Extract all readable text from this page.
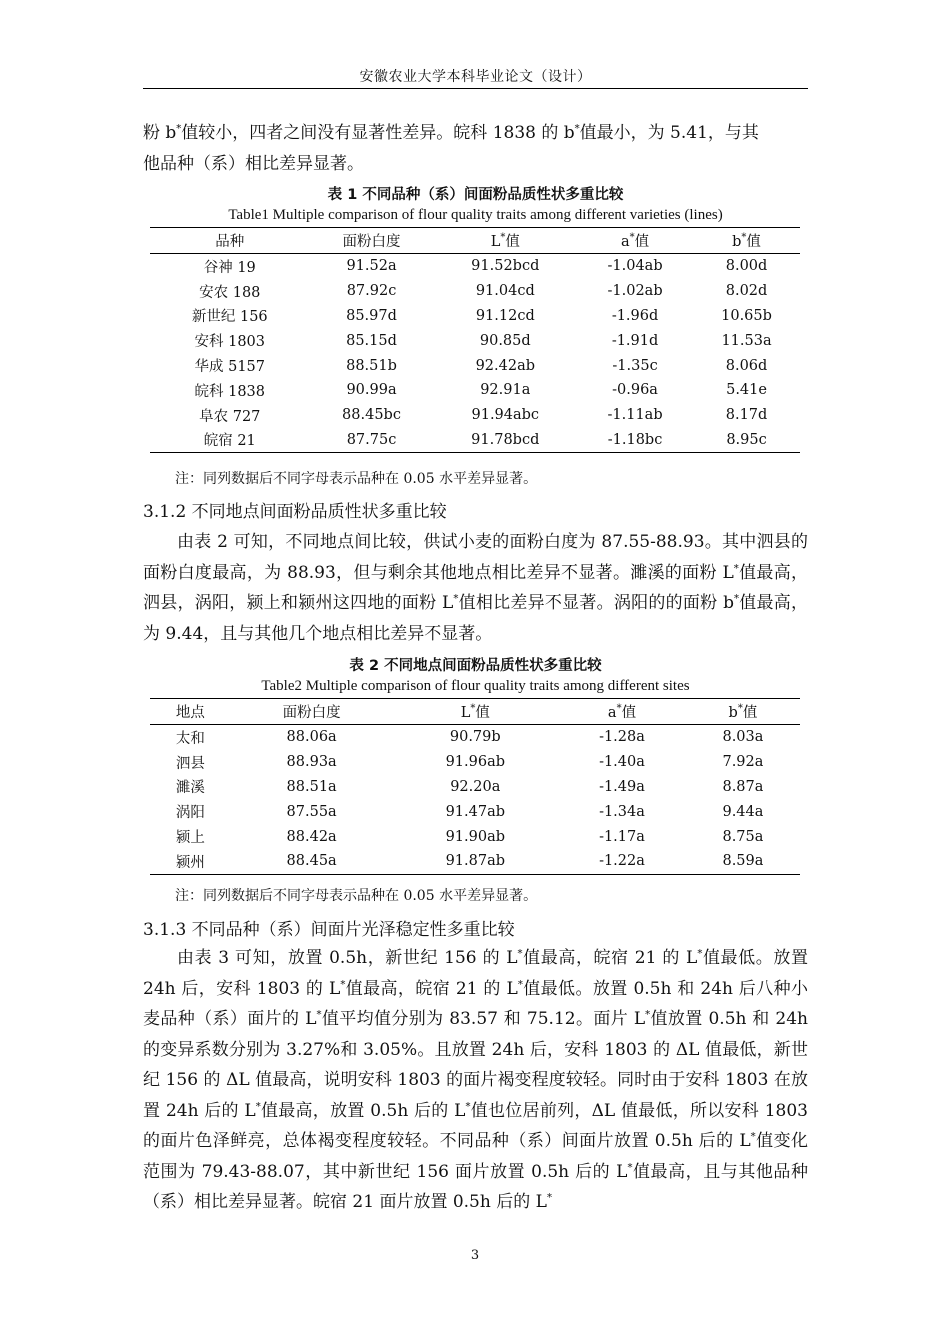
安徽农业大学本科毕业论文（设计）
粉 b*值较小，四者之间没有显著性差异。皖科 1838 的 b*值最小，为 5.41，与其
他品种（系）相比差异显著。
表 1 不同品种（系）间面粉品质性状多重比较
Table1 Multiple comparison of flour quality traits among different varieties (lines)
品种	面粉白度	L*值	a*值	b*值
谷神 19	91.52a	91.52bcd	-1.04ab	8.00d
安农 188	87.92c	91.04cd	-1.02ab	8.02d
新世纪 156	85.97d	91.12cd	-1.96d	10.65b
安科 1803	85.15d	90.85d	-1.91d	11.53a
华成 5157	88.51b	92.42ab	-1.35c	8.06d
皖科 1838	90.99a	92.91a	-0.96a	5.41e
阜农 727	88.45bc	91.94abc	-1.11ab	8.17d
皖宿 21	87.75c	91.78bcd	-1.18bc	8.95c
注：同列数据后不同字母表示品种在 0.05 水平差异显著。
3.1.2 不同地点间面粉品质性状多重比较
由表 2 可知，不同地点间比较，供试小麦的面粉白度为 87.55-88.93。其中泗县的面粉白度最高，为 88.93，但与剩余其他地点相比差异不显著。濉溪的面粉 L*值最高，泗县，涡阳，颍上和颍州这四地的面粉 L*值相比差异不显著。涡阳的的面粉 b*值最高，为 9.44，且与其他几个地点相比差异不显著。
表 2 不同地点间面粉品质性状多重比较
Table2 Multiple comparison of flour quality traits among different sites
地点	面粉白度	L*值	a*值	b*值
太和	88.06a	90.79b	-1.28a	8.03a
泗县	88.93a	91.96ab	-1.40a	7.92a
濉溪	88.51a	92.20a	-1.49a	8.87a
涡阳	87.55a	91.47ab	-1.34a	9.44a
颍上	88.42a	91.90ab	-1.17a	8.75a
颍州	88.45a	91.87ab	-1.22a	8.59a
注：同列数据后不同字母表示品种在 0.05 水平差异显著。
3.1.3 不同品种（系）间面片光泽稳定性多重比较
由表 3 可知，放置 0.5h，新世纪 156 的 L*值最高，皖宿 21 的 L*值最低。放置 24h 后，安科 1803 的 L*值最高，皖宿 21 的 L*值最低。放置 0.5h 和 24h 后八种小麦品种（系）面片的 L*值平均值分别为 83.57 和 75.12。面片 L*值放置 0.5h 和 24h 的变异系数分别为 3.27%和 3.05%。且放置 24h 后，安科 1803 的 ΔL 值最低，新世纪 156 的 ΔL 值最高，说明安科 1803 的面片褐变程度较轻。同时由于安科 1803 在放置 24h 后的 L*值最高，放置 0.5h 后的 L*值也位居前列，ΔL 值最低，所以安科 1803 的面片色泽鲜亮，总体褐变程度较轻。不同品种（系）间面片放置 0.5h 后的 L*值变化范围为 79.43-88.07，其中新世纪 156 面片放置 0.5h 后的 L*值最高，且与其他品种（系）相比差异显著。皖宿 21 面片放置 0.5h 后的 L*
3
